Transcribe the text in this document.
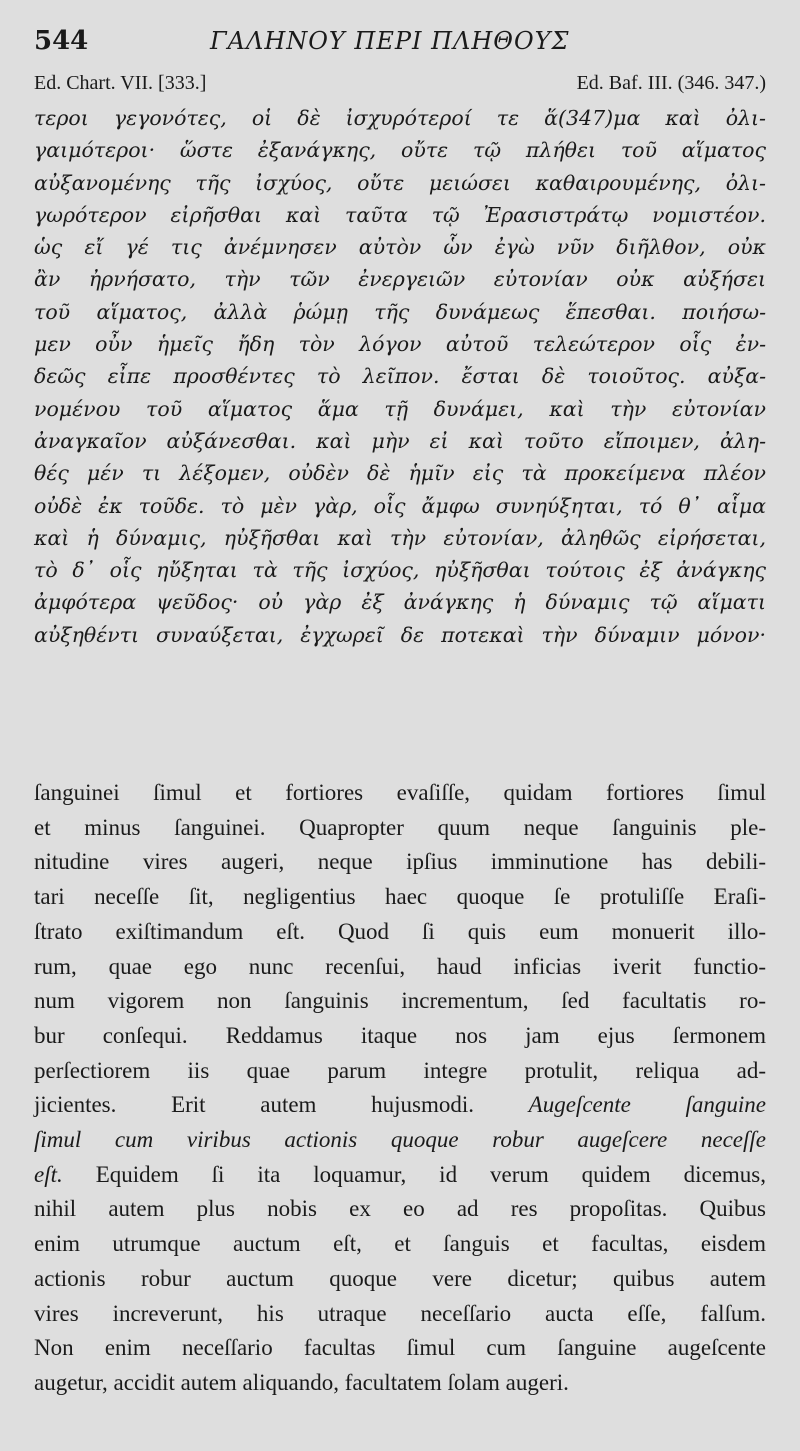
544	ΓΑΛΗΝΟΥ ΠΕΡΙ ΠΛΗΘΟΥΣ
Ed. Chart. VII. [333.]	Ed. Baf. III. (346. 347.)
τεροι γεγονότες, οἱ δὲ ἰσχυρότεροί τε ἅ(347)μα καὶ ὀλι-
γαιμότεροι· ὥστε ἐξανάγκης, οὔτε τῷ πλήθει τοῦ αἵματος
αὐξανομένης τῆς ἰσχύος, οὔτε μειώσει καθαιρουμένης, ὀλι-
γωρότερον εἰρῆσθαι καὶ ταῦτα τῷ Ἐρασιστράτῳ νομιστέον.
ὡς εἴ γέ τις ἀνέμνησεν αὐτὸν ὧν ἐγὼ νῦν διῆλθον, οὐκ
ἂν ἠρνήσατο, τὴν τῶν ἐνεργειῶν εὐτονίαν οὐκ αὐξήσει
τοῦ αἵματος, ἀλλὰ ῥώμῃ τῆς δυνάμεως ἕπεσθαι. ποιήσω-
μεν οὖν ἡμεῖς ἤδη τὸν λόγον αὐτοῦ τελεώτερον οἷς ἐν-
δεῶς εἶπε προσθέντες τὸ λεῖπον. ἔσται δὲ τοιοῦτος. αὐξα-
νομένου τοῦ αἵματος ἅμα τῇ δυνάμει, καὶ τὴν εὐτονίαν
ἀναγκαῖον αὐξάνεσθαι. καὶ μὴν εἰ καὶ τοῦτο εἴποιμεν, ἀλη-
θές μέν τι λέξομεν, οὐδὲν δὲ ἡμῖν εἰς τὰ προκείμενα πλέον
οὐδὲ ἐκ τοῦδε. τὸ μὲν γὰρ, οἷς ἄμφω συνηύξηται, τό θ᾽ αἷμα
καὶ ἡ δύναμις, ηὐξῆσθαι καὶ τὴν εὐτονίαν, ἀληθῶς εἰρήσεται,
τὸ δ᾽ οἷς ηὔξηται τὰ τῆς ἰσχύος, ηὐξῆσθαι τούτοις ἐξ ἀνάγκης
ἀμφότερα ψεῦδος· οὐ γὰρ ἐξ ἀνάγκης ἡ δύναμις τῷ αἵματι
αὐξηθέντι συναύξεται, ἐγχωρεῖ δε ποτεκαὶ τὴν δύναμιν μόνον·
ſanguinei ſimul et fortiores evaſiſſe, quidam fortiores ſimul
et minus ſanguinei. Quapropter quum neque ſanguinis ple-
nitudine vires augeri, neque ipſius imminutione has debili-
tari neceſſe ſit, negligentius haec quoque ſe protuliſſe Eraſi-
ſtrato exiſtimandum eſt. Quod ſi quis eum monuerit illo-
rum, quae ego nunc recenſui, haud inficias iverit functio-
num vigorem non ſanguinis incrementum, ſed facultatis ro-
bur conſequi. Reddamus itaque nos jam ejus ſermonem
perſectiorem iis quae parum integre protulit, reliqua ad-
jicientes. Erit autem hujusmodi. Augeſcente ſanguine
ſimul cum viribus actionis quoque robur augeſcere neceſſe
eſt. Equidem ſi ita loquamur, id verum quidem dicemus,
nihil autem plus nobis ex eo ad res propoſitas. Quibus
enim utrumque auctum eſt, et ſanguis et facultas, eisdem
actionis robur auctum quoque vere dicetur; quibus autem
vires increverunt, his utraque neceſſario aucta eſſe, falſum.
Non enim neceſſario facultas ſimul cum ſanguine augeſcente
augetur, accidit autem aliquando, facultatem ſolam augeri.
